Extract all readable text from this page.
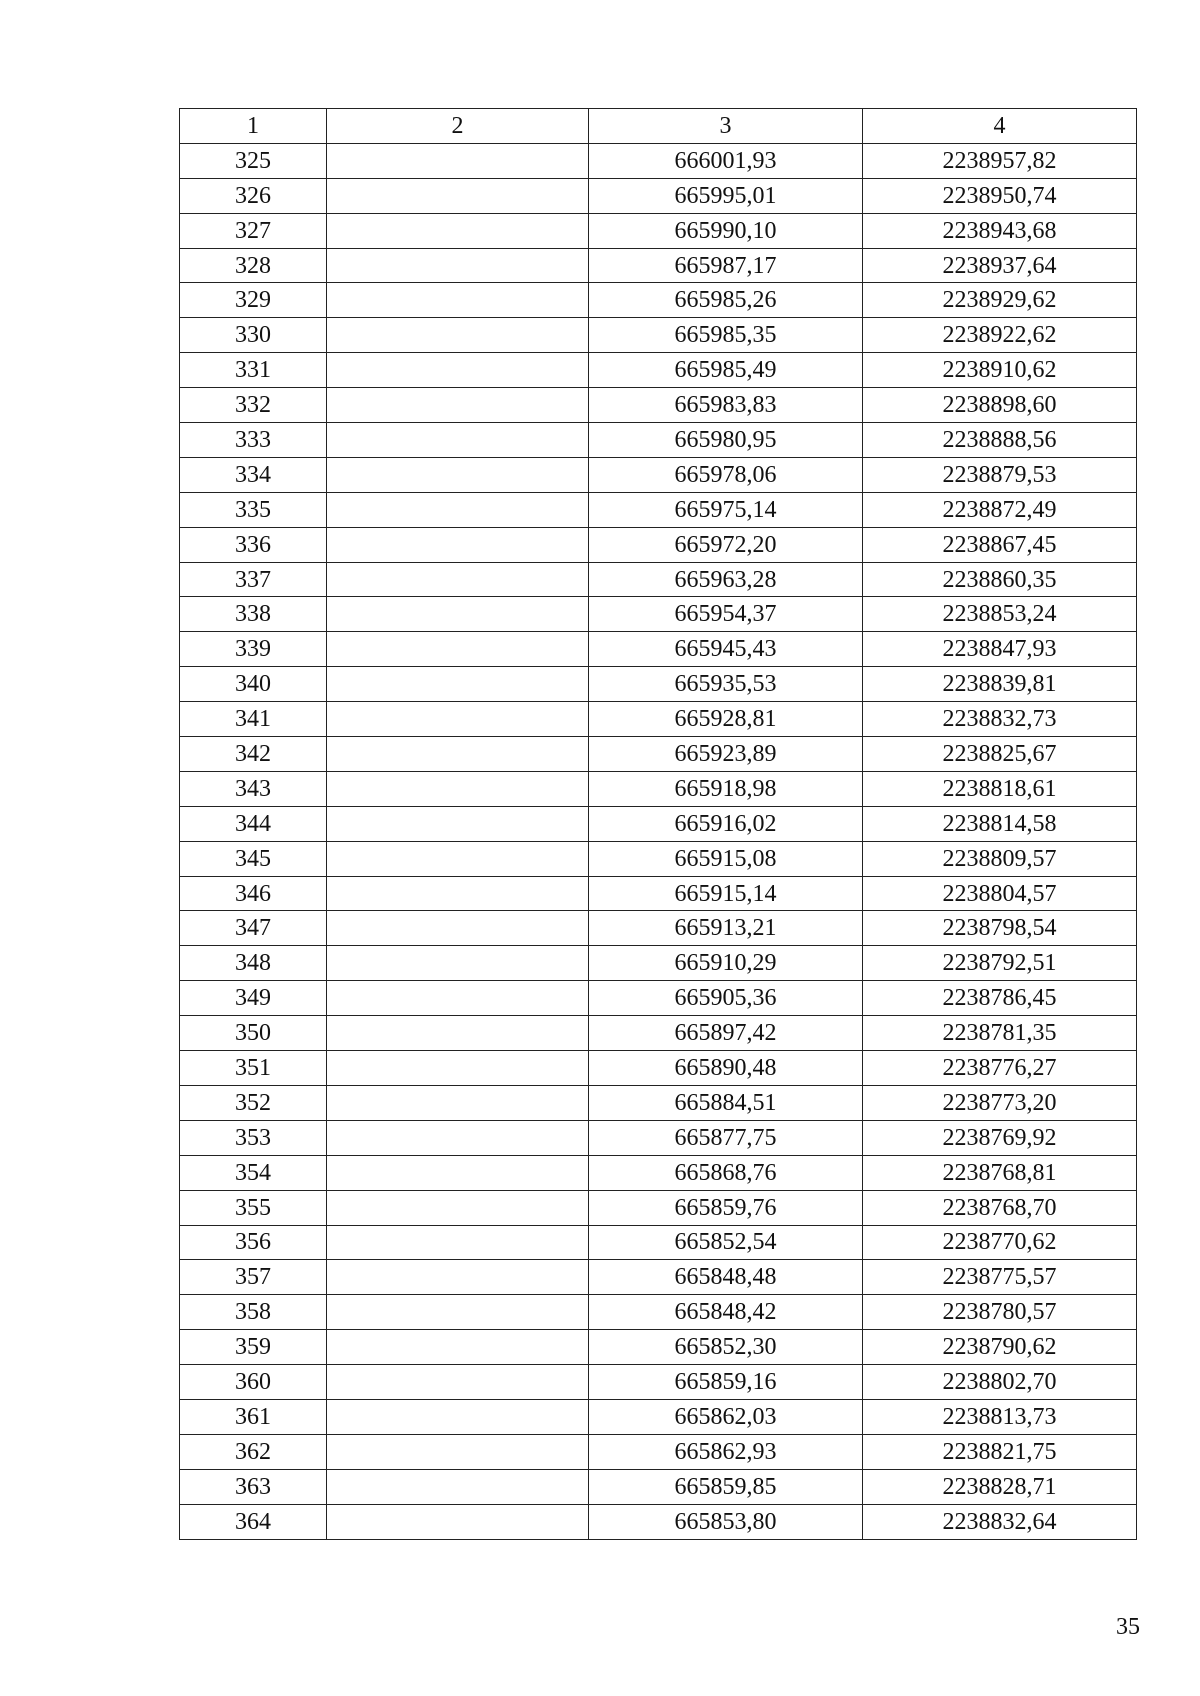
1	2	3	4
325		666001,93	2238957,82
326		665995,01	2238950,74
327		665990,10	2238943,68
328		665987,17	2238937,64
329		665985,26	2238929,62
330		665985,35	2238922,62
331		665985,49	2238910,62
332		665983,83	2238898,60
333		665980,95	2238888,56
334		665978,06	2238879,53
335		665975,14	2238872,49
336		665972,20	2238867,45
337		665963,28	2238860,35
338		665954,37	2238853,24
339		665945,43	2238847,93
340		665935,53	2238839,81
341		665928,81	2238832,73
342		665923,89	2238825,67
343		665918,98	2238818,61
344		665916,02	2238814,58
345		665915,08	2238809,57
346		665915,14	2238804,57
347		665913,21	2238798,54
348		665910,29	2238792,51
349		665905,36	2238786,45
350		665897,42	2238781,35
351		665890,48	2238776,27
352		665884,51	2238773,20
353		665877,75	2238769,92
354		665868,76	2238768,81
355		665859,76	2238768,70
356		665852,54	2238770,62
357		665848,48	2238775,57
358		665848,42	2238780,57
359		665852,30	2238790,62
360		665859,16	2238802,70
361		665862,03	2238813,73
362		665862,93	2238821,75
363		665859,85	2238828,71
364		665853,80	2238832,64
35
